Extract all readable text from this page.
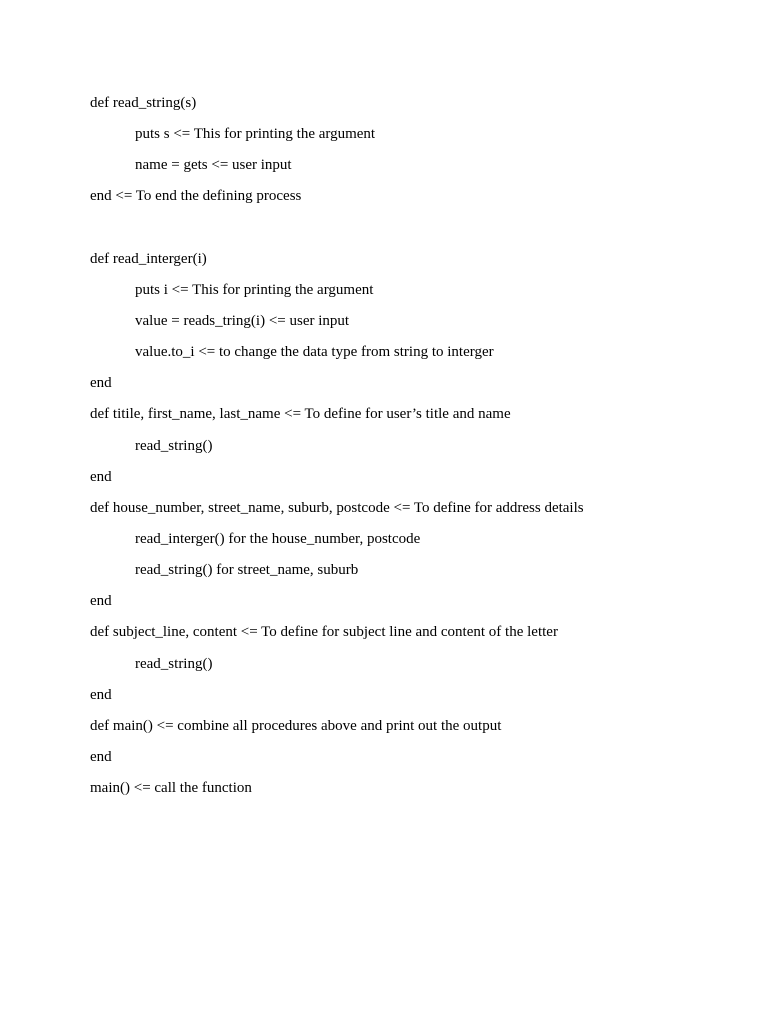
def read_string(s)
puts s <= This for printing the argument
name = gets <= user input
end <= To end the defining process
def read_interger(i)
puts i <= This for printing the argument
value = reads_tring(i) <= user input
value.to_i <= to change the data type from string to interger
end
def titile, first_name, last_name <= To define for user’s title and name
read_string()
end
def house_number, street_name, suburb, postcode <= To define for address details
read_interger() for the house_number, postcode
read_string() for street_name, suburb
end
def subject_line, content <= To define for subject line and content of the letter
read_string()
end
def main() <= combine all procedures above and print out the output
end
main() <= call the function
